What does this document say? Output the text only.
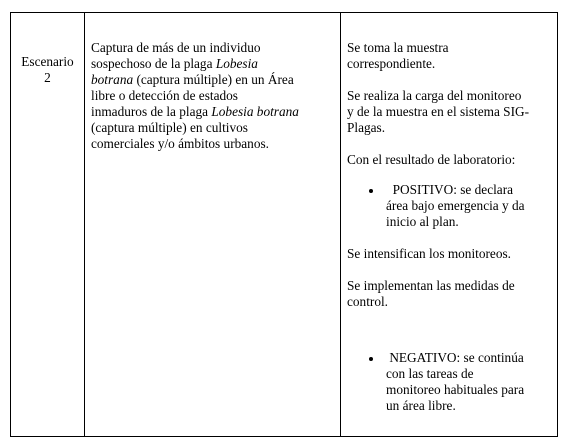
Escenario
2
Captura de más de un individuo
sospechoso de la plaga Lobesia
botrana (captura múltiple) en un Área
libre o detección de estados
inmaduros de la plaga Lobesia botrana
(captura múltiple) en cultivos
comerciales y/o ámbitos urbanos.
Se toma la muestra
correspondiente.
Se realiza la carga del monitoreo
y de la muestra en el sistema SIG-
Plagas.
Con el resultado de laboratorio:
POSITIVO: se declara
área bajo emergencia y da
inicio al plan.
Se intensifican los monitoreos.
Se implementan las medidas de
control.
NEGATIVO: se continúa
con las tareas de
monitoreo habituales para
un área libre.
